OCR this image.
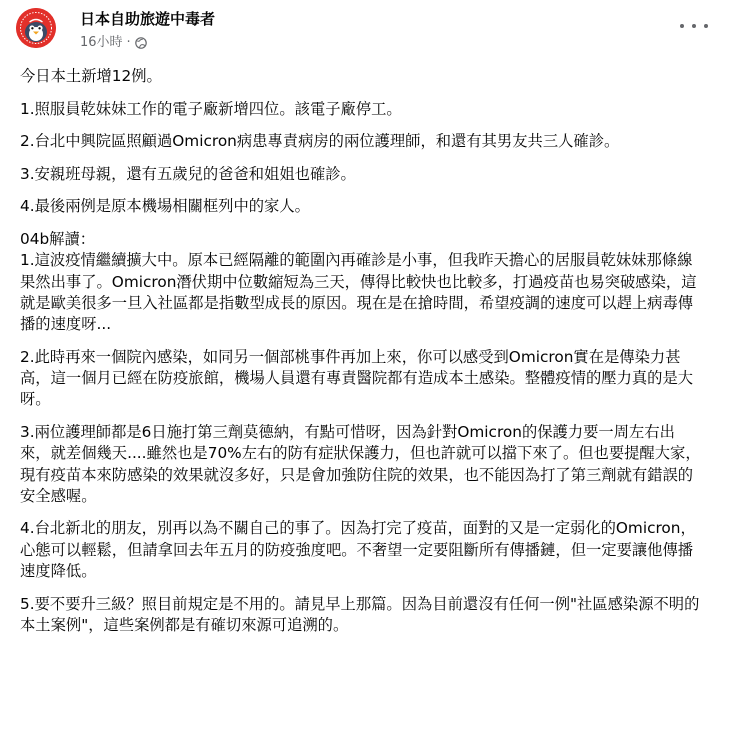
日本自助旅遊中毒者
16小時 ·
今日本土新增12例。
1.照服員乾妹妹工作的電子廠新增四位。該電子廠停工。
2.台北中興院區照顧過Omicron病患專責病房的兩位護理師，和還有其男友共三人確診。
3.安親班母親，還有五歲兒的爸爸和姐姐也確診。
4.最後兩例是原本機場相關框列中的家人。
04b解讀：
1.這波疫情繼續擴大中。原本已經隔離的範圍內再確診是小事，但我昨天擔心的居服員乾妹妹那條線果然出事了。Omicron潛伏期中位數縮短為三天，傳得比較快也比較多，打過疫苗也易突破感染，這就是歐美很多一旦入社區都是指數型成長的原因。現在是在搶時間，希望疫調的速度可以趕上病毒傳播的速度呀...
2.此時再來一個院內感染，如同另一個部桃事件再加上來，你可以感受到Omicron實在是傳染力甚高，這一個月已經在防疫旅館，機場人員還有專責醫院都有造成本土感染。整體疫情的壓力真的是大呀。
3.兩位護理師都是6日施打第三劑莫德納，有點可惜呀，因為針對Omicron的保護力要一周左右出來，就差個幾天....雖然也是70%左右的防有症狀保護力，但也許就可以擋下來了。但也要提醒大家，現有疫苗本來防感染的效果就沒多好，只是會加強防住院的效果，也不能因為打了第三劑就有錯誤的安全感喔。
4.台北新北的朋友，別再以為不關自己的事了。因為打完了疫苗，面對的又是一定弱化的Omicron，心態可以輕鬆，但請拿回去年五月的防疫強度吧。不奢望一定要阻斷所有傳播鏈，但一定要讓他傳播速度降低。
5.要不要升三級？照目前規定是不用的。請見早上那篇。因為目前還沒有任何一例"社區感染源不明的本土案例"，這些案例都是有確切來源可追溯的。
